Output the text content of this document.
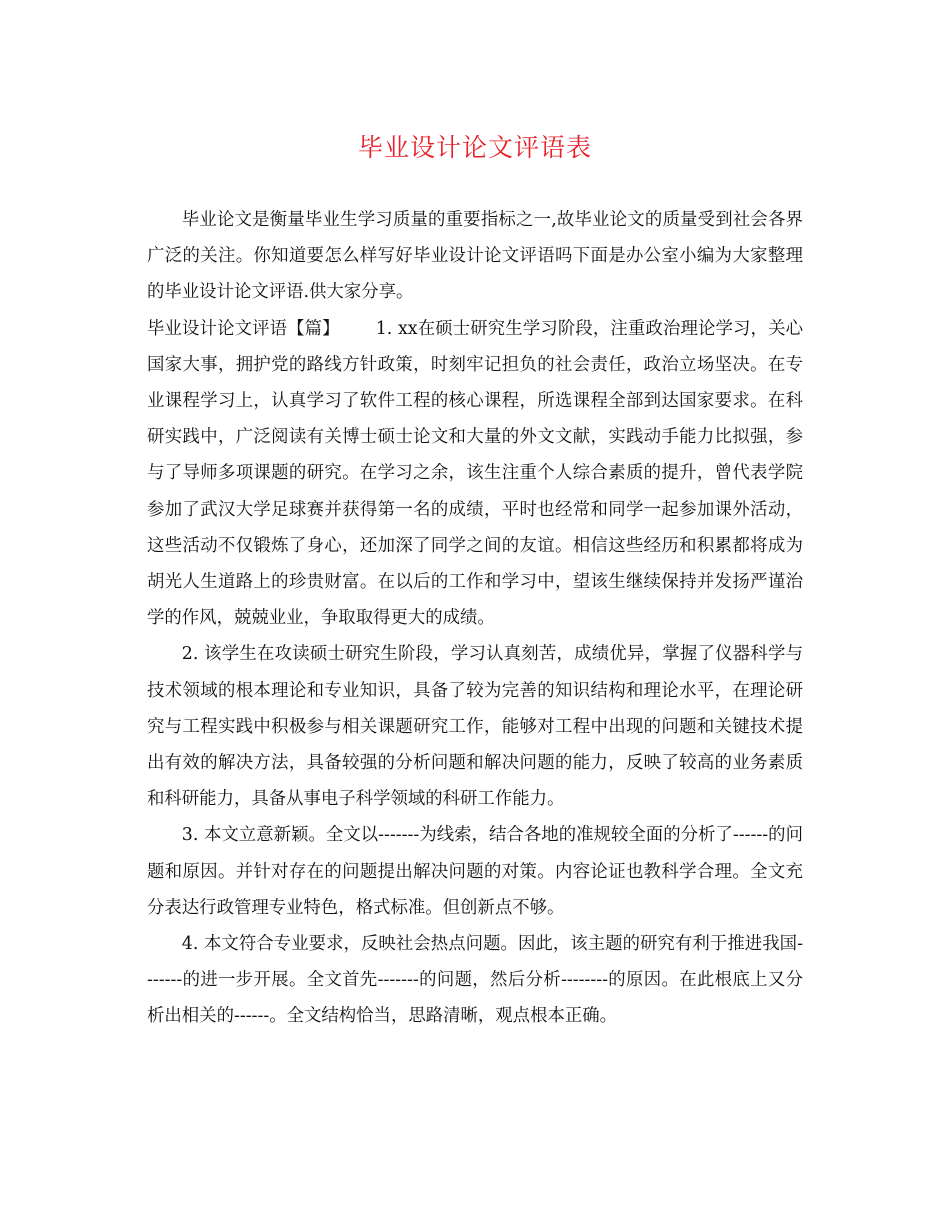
毕业设计论文评语表

毕业论文是衡量毕业生学习质量的重要指标之一,故毕业论文的质量受到社会各界广泛的关注。你知道要怎么样写好毕业设计论文评语吗下面是办公室小编为大家整理的毕业设计论文评语.供大家分享。

毕业设计论文评语【篇】 1. xx在硕士研究生学习阶段，注重政治理论学习，关心国家大事，拥护党的路线方针政策，时刻牢记担负的社会责任，政治立场坚决。在专业课程学习上，认真学习了软件工程的核心课程，所选课程全部到达国家要求。在科研实践中，广泛阅读有关博士硕士论文和大量的外文文献，实践动手能力比拟强，参与了导师多项课题的研究。在学习之余，该生注重个人综合素质的提升，曾代表学院参加了武汉大学足球赛并获得第一名的成绩，平时也经常和同学一起参加课外活动，这些活动不仅锻炼了身心，还加深了同学之间的友谊。相信这些经历和积累都将成为胡光人生道路上的珍贵财富。在以后的工作和学习中，望该生继续保持并发扬严谨治学的作风，兢兢业业，争取取得更大的成绩。

2. 该学生在攻读硕士研究生阶段，学习认真刻苦，成绩优异，掌握了仪器科学与技术领域的根本理论和专业知识，具备了较为完善的知识结构和理论水平，在理论研究与工程实践中积极参与相关课题研究工作，能够对工程中出现的问题和关键技术提出有效的解决方法，具备较强的分析问题和解决问题的能力，反映了较高的业务素质和科研能力，具备从事电子科学领域的科研工作能力。

3. 本文立意新颖。全文以-------为线索，结合各地的准规较全面的分析了------的问题和原因。并针对存在的问题提出解决问题的对策。内容论证也教科学合理。全文充分表达行政管理专业特色，格式标准。但创新点不够。

4. 本文符合专业要求，反映社会热点问题。因此，该主题的研究有利于推进我国-------的进一步开展。全文首先-------的问题，然后分析--------的原因。在此根底上又分析出相关的------。全文结构恰当，思路清晰，观点根本正确。
